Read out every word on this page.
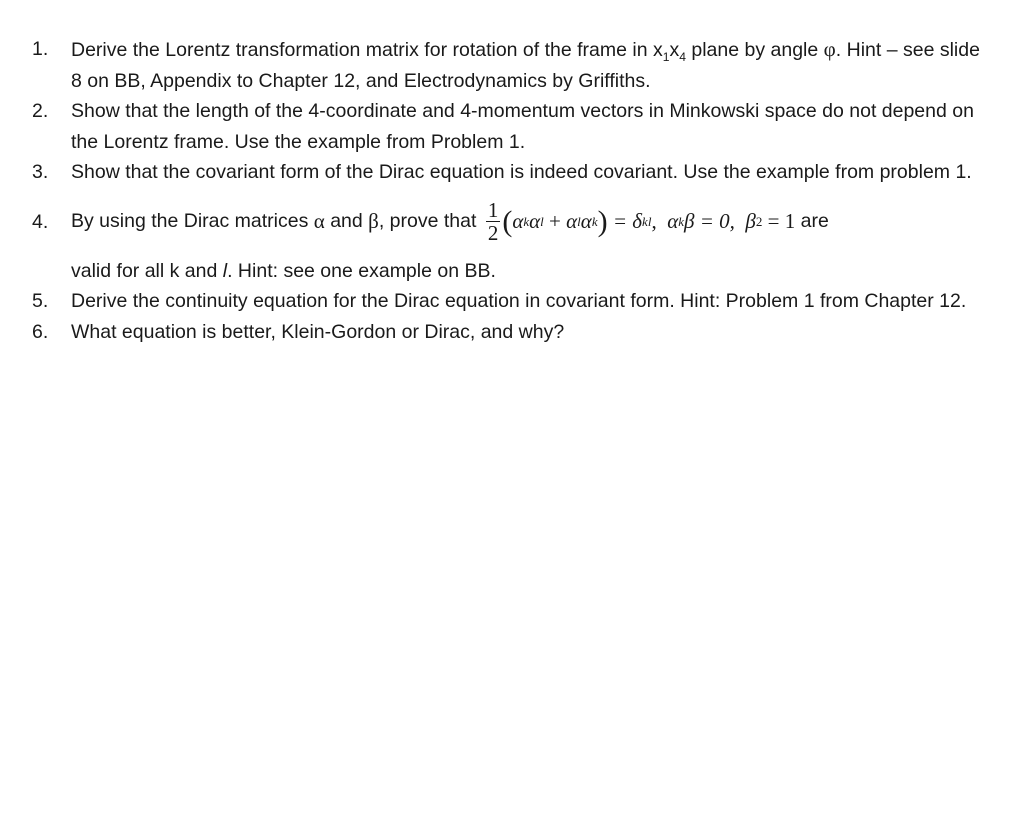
1. Derive the Lorentz transformation matrix for rotation of the frame in $x_1x_4$ plane by angle φ. Hint – see slide 8 on BB, Appendix to Chapter 12, and Electrodynamics by Griffiths.
2. Show that the length of the 4-coordinate and 4-momentum vectors in Minkowski space do not depend on the Lorentz frame. Use the example from Problem 1.
3. Show that the covariant form of the Dirac equation is indeed covariant. Use the example from problem 1.
4. By using the Dirac matrices α and β , prove that $\frac{1}{2}$ ( α k α l + α l α k ) = δ kl , α k β = 0,  β 2 = 1 are
valid for all k and l. Hint: see one example on BB.
5. Derive the continuity equation for the Dirac equation in covariant form. Hint: Problem 1 from Chapter 12.
6. What equation is better, Klein-Gordon or Dirac, and why?
